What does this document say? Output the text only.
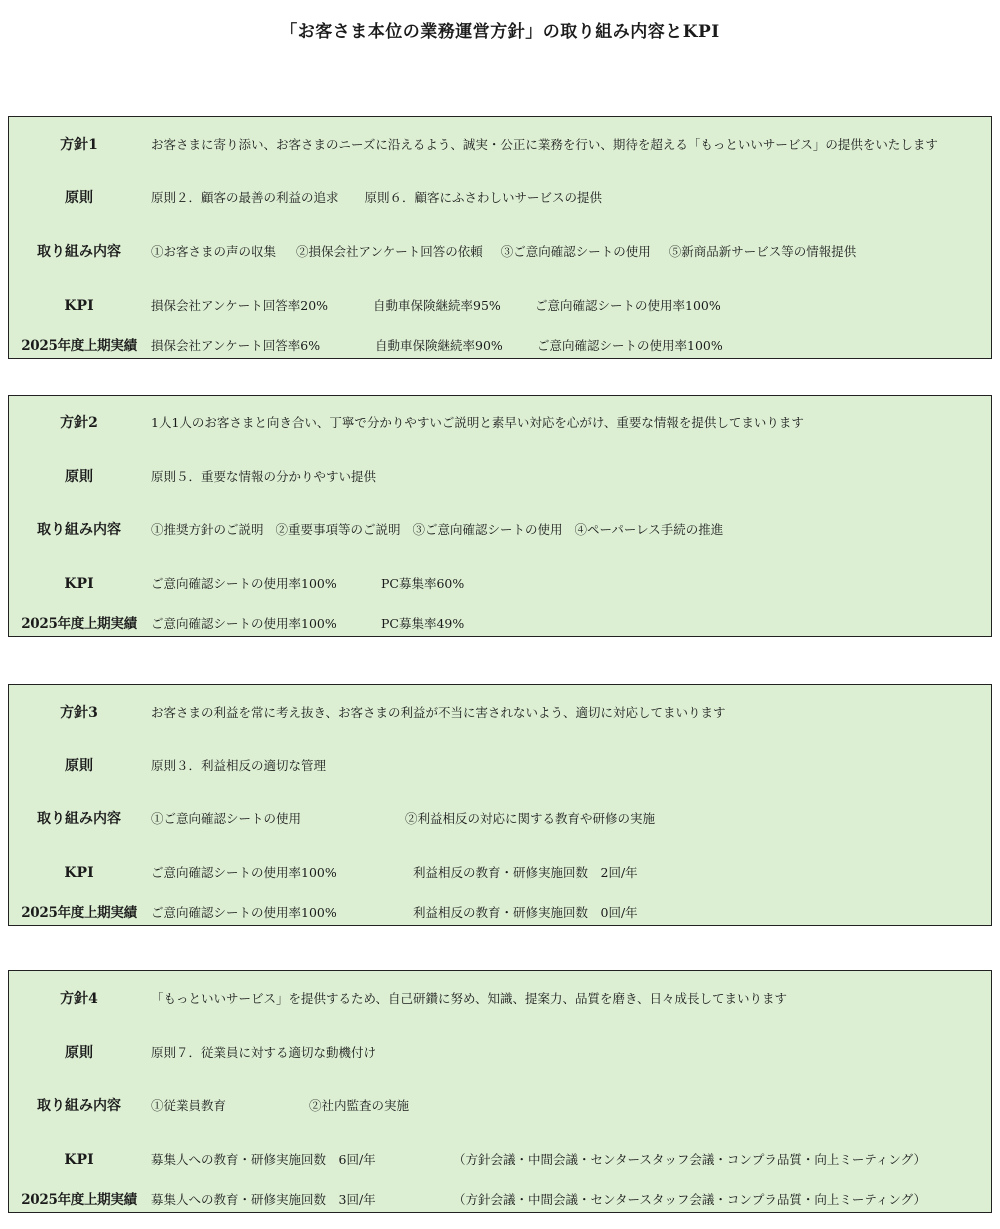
「お客さま本位の業務運営方針」の取り組み内容とKPI
方針1	お客さまに寄り添い、お客さまのニーズに沿えるよう、誠実・公正に業務を行い、期待を超える「もっといいサービス」の提供をいたします
原則	原則２．顧客の最善の利益の追求 原則６．顧客にふさわしいサービスの提供
取り組み内容	①お客さまの声の収集 ②損保会社アンケート回答の依頼 ③ご意向確認シートの使用 ⑤新商品新サービス等の情報提供
KPI	損保会社アンケート回答率20%	自動車保険継続率95%	ご意向確認シートの使用率100%
2025年度上期実績	損保会社アンケート回答率6%	自動車保険継続率90%	ご意向確認シートの使用率100%
方針2	1人1人のお客さまと向き合い、丁寧で分かりやすいご説明と素早い対応を心がけ、重要な情報を提供してまいります
原則	原則５．重要な情報の分かりやすい提供
取り組み内容	①推奨方針のご説明 ②重要事項等のご説明 ③ご意向確認シートの使用 ④ペーパーレス手続の推進
KPI	ご意向確認シートの使用率100%	PC募集率60%
2025年度上期実績	ご意向確認シートの使用率100%	PC募集率49%
方針3	お客さまの利益を常に考え抜き、お客さまの利益が不当に害されないよう、適切に対応してまいります
原則	原則３．利益相反の適切な管理
取り組み内容	①ご意向確認シートの使用	②利益相反の対応に関する教育や研修の実施
KPI	ご意向確認シートの使用率100%	利益相反の教育・研修実施回数　2回/年
2025年度上期実績	ご意向確認シートの使用率100%	利益相反の教育・研修実施回数　0回/年
方針4	「もっといいサービス」を提供するため、自己研鑽に努め、知識、提案力、品質を磨き、日々成長してまいります
原則	原則７．従業員に対する適切な動機付け
取り組み内容	①従業員教育	②社内監査の実施
KPI	募集人への教育・研修実施回数　6回/年	（方針会議・中間会議・センタースタッフ会議・コンプラ品質・向上ミーティング）
2025年度上期実績	募集人への教育・研修実施回数　3回/年	（方針会議・中間会議・センタースタッフ会議・コンプラ品質・向上ミーティング）
